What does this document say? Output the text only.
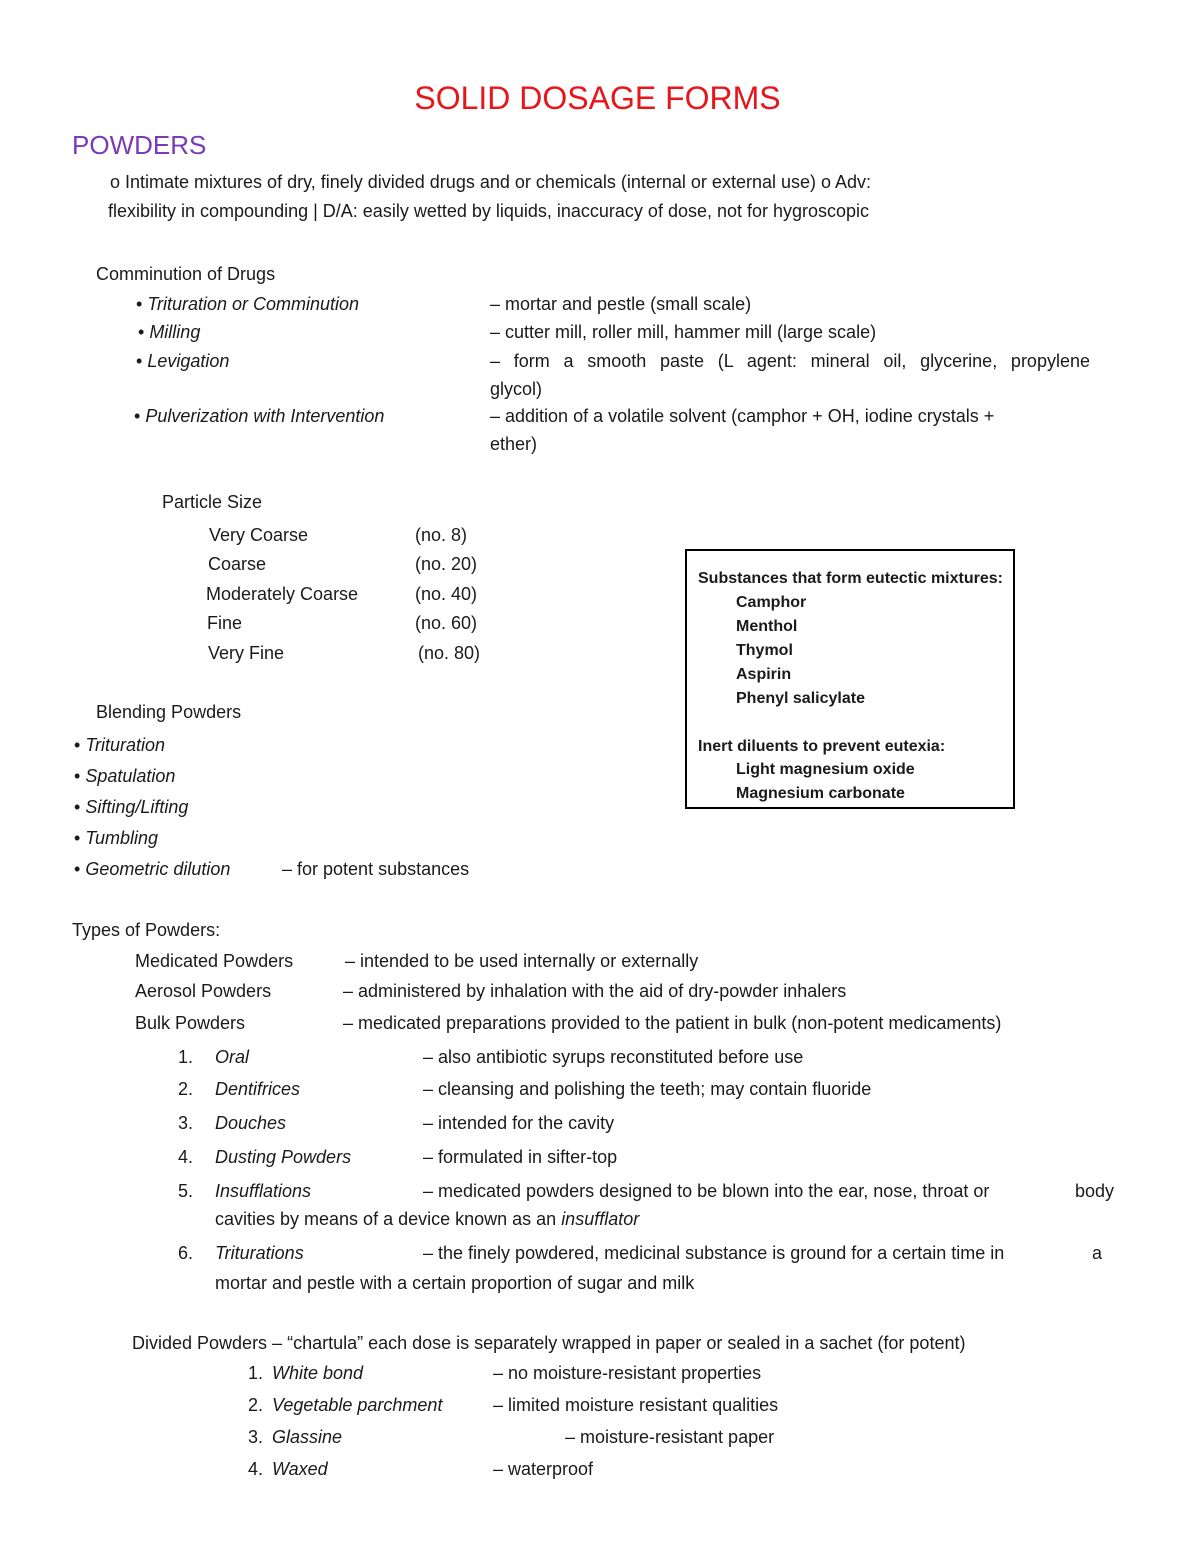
SOLID DOSAGE FORMS
POWDERS
o Intimate mixtures of dry, finely divided drugs and or chemicals (internal or external use) o Adv:
flexibility in compounding | D/A: easily wetted by liquids, inaccuracy of dose, not for hygroscopic
Comminution of Drugs
• Trituration or Comminution	– mortar and pestle (small scale)
• Milling	– cutter mill, roller mill, hammer mill (large scale)
• Levigation	– form a smooth paste (L agent: mineral oil, glycerine, propylene
glycol)
• Pulverization with Intervention	– addition of a volatile solvent (camphor + OH, iodine crystals +
ether)
Particle Size
Very Coarse	(no. 8)
Coarse	(no. 20)
Moderately Coarse	(no. 40)
Fine	(no. 60)
Very Fine	(no. 80)
Substances that form eutectic mixtures:
Camphor
Menthol
Thymol
Aspirin
Phenyl salicylate
Inert diluents to prevent eutexia:
Light magnesium oxide
Magnesium carbonate
Blending Powders
• Trituration
• Spatulation
• Sifting/Lifting
• Tumbling
• Geometric dilution	– for potent substances
Types of Powders:
Medicated Powders	– intended to be used internally or externally
Aerosol Powders	– administered by inhalation with the aid of dry-powder inhalers
Bulk Powders	– medicated preparations provided to the patient in bulk (non-potent medicaments)
1. Oral	– also antibiotic syrups reconstituted before use
2. Dentifrices	– cleansing and polishing the teeth; may contain fluoride
3. Douches	– intended for the cavity
4. Dusting Powders	– formulated in sifter-top
5. Insufflations	– medicated powders designed to be blown into the ear, nose, throat or	body
cavities by means of a device known as an insufflator
6. Triturations	– the finely powdered, medicinal substance is ground for a certain time in	a
mortar and pestle with a certain proportion of sugar and milk
Divided Powders – “chartula” each dose is separately wrapped in paper or sealed in a sachet (for potent)
1. White bond	– no moisture-resistant properties
2. Vegetable parchment	– limited moisture resistant qualities
3. Glassine	– moisture-resistant paper
4. Waxed	– waterproof
